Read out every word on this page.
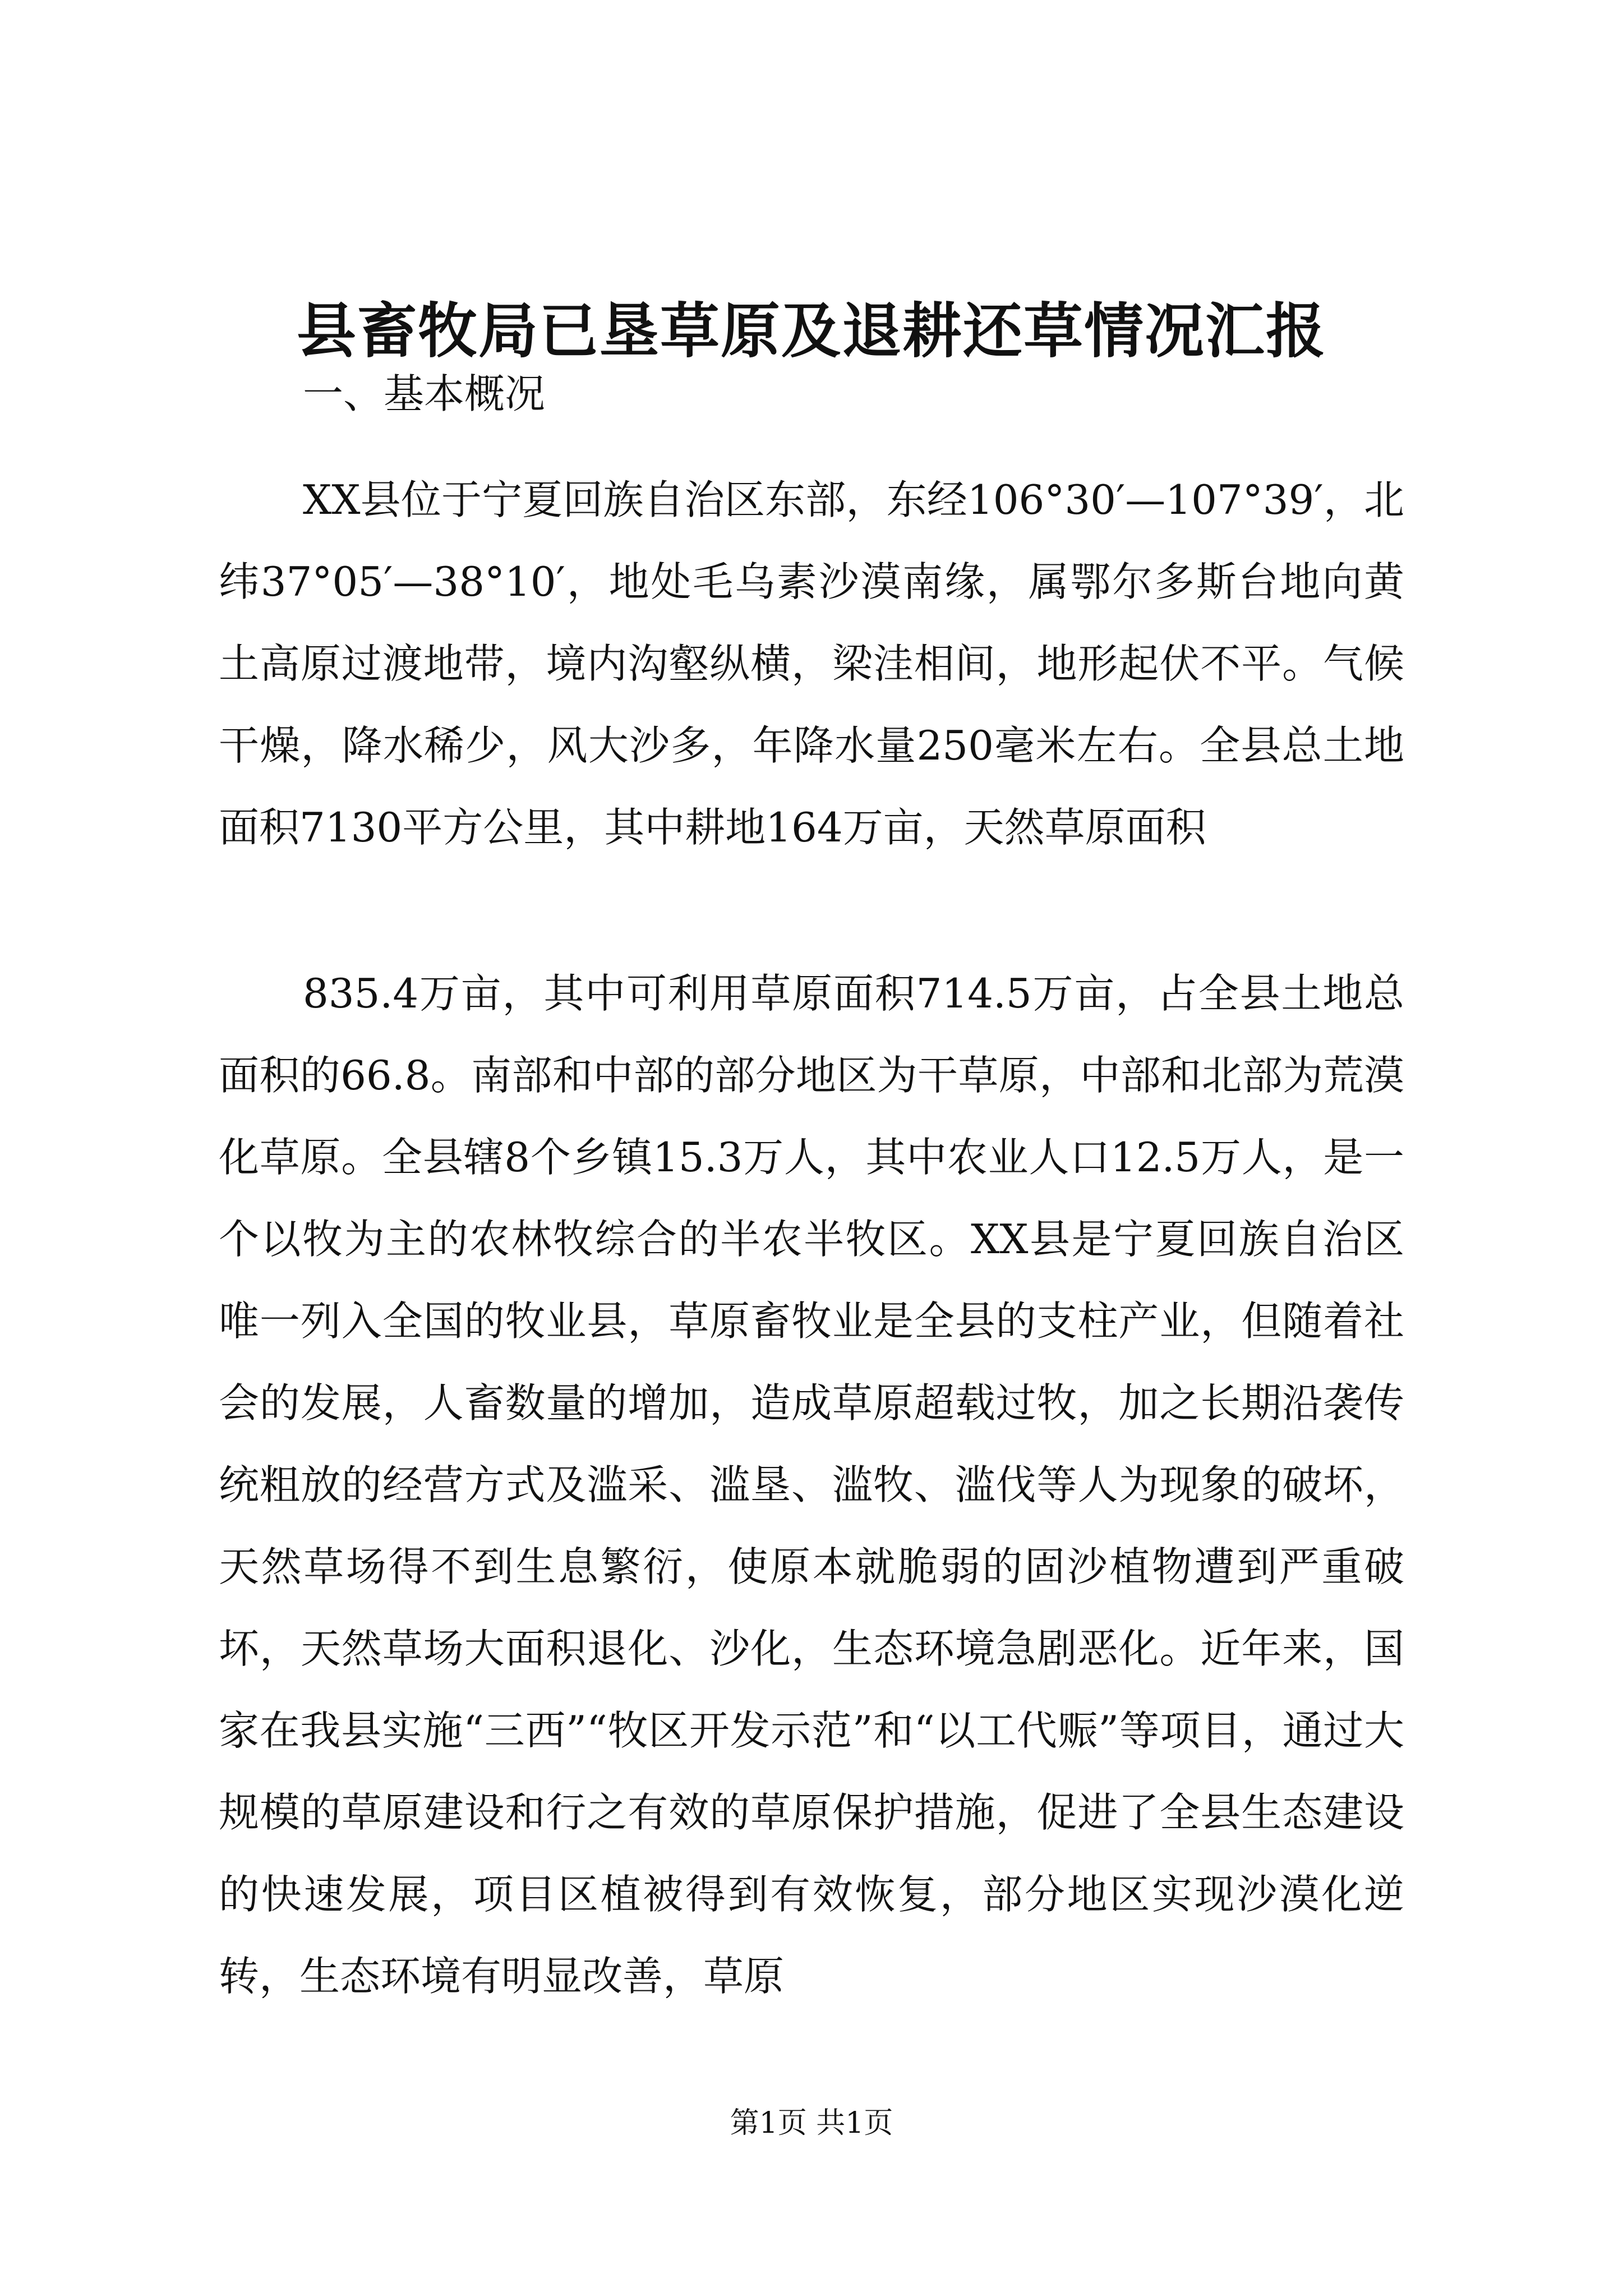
县畜牧局已垦草原及退耕还草情况汇报
一、基本概况

XX县位于宁夏回族自治区东部，东经106°30′—107°39′，北纬37°05′—38°10′，地处毛乌素沙漠南缘，属鄂尔多斯台地向黄土高原过渡地带，境内沟壑纵横，梁洼相间，地形起伏不平。气候干燥，降水稀少，风大沙多，年降水量250毫米左右。全县总土地面积7130平方公里，其中耕地164万亩，天然草原面积

835.4万亩，其中可利用草原面积714.5万亩，占全县土地总面积的66.8。南部和中部的部分地区为干草原，中部和北部为荒漠化草原。全县辖8个乡镇15.3万人，其中农业人口12.5万人，是一个以牧为主的农林牧综合的半农半牧区。XX县是宁夏回族自治区唯一列入全国的牧业县，草原畜牧业是全县的支柱产业，但随着社会的发展，人畜数量的增加，造成草原超载过牧，加之长期沿袭传统粗放的经营方式及滥采、滥垦、滥牧、滥伐等人为现象的破坏，天然草场得不到生息繁衍，使原本就脆弱的固沙植物遭到严重破坏，天然草场大面积退化、沙化，生态环境急剧恶化。近年来，国家在我县实施“三西”“牧区开发示范”和“以工代赈”等项目，通过大规模的草原建设和行之有效的草原保护措施，促进了全县生态建设的快速发展，项目区植被得到有效恢复，部分地区实现沙漠化逆转，生态环境有明显改善，草原

第1页 共1页
